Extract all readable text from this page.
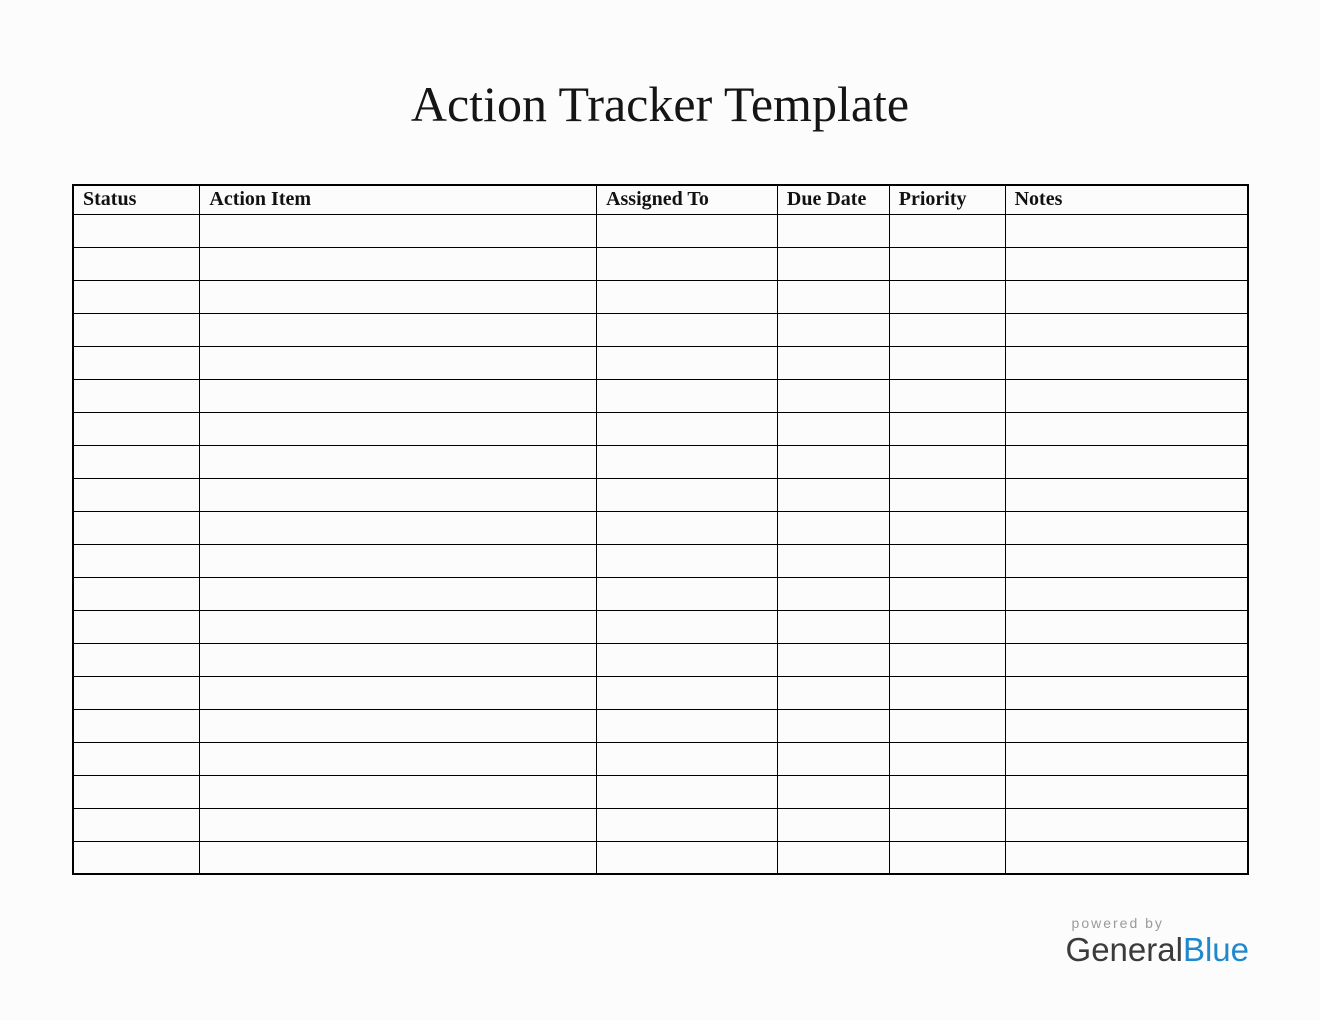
Action Tracker Template
Status	Action Item	Assigned To	Due Date	Priority	Notes

powered by
GeneralBlue
